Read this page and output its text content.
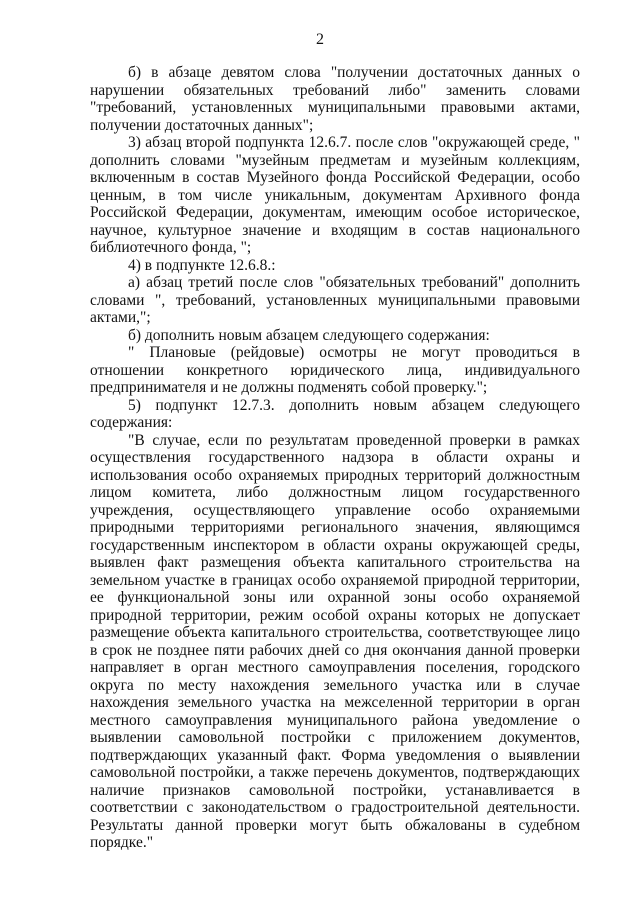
2

б) в абзаце девятом слова "получении достаточных данных о нарушении обязательных требований либо" заменить словами "требований, установленных муниципальными правовыми актами, получении достаточных данных";

3) абзац второй подпункта 12.6.7. после слов "окружающей среде, " дополнить словами "музейным предметам и музейным коллекциям, включенным в состав Музейного фонда Российской Федерации, особо ценным, в том числе уникальным, документам Архивного фонда Российской Федерации, документам, имеющим особое историческое, научное, культурное значение и входящим в состав национального библиотечного фонда, ";

4) в подпункте 12.6.8.:

а) абзац третий после слов "обязательных требований" дополнить словами ", требований, установленных муниципальными правовыми актами,";

б) дополнить новым абзацем следующего содержания:

" Плановые (рейдовые) осмотры не могут проводиться в отношении конкретного юридического лица, индивидуального предпринимателя и не должны подменять собой проверку.";

5) подпункт 12.7.3. дополнить новым абзацем следующего содержания:

"В случае, если по результатам проведенной проверки в рамках осуществления государственного надзора в области охраны и использования особо охраняемых природных территорий должностным лицом комитета, либо должностным лицом государственного учреждения, осуществляющего управление особо охраняемыми природными территориями регионального значения, являющимся государственным инспектором в области охраны окружающей среды, выявлен факт размещения объекта капитального строительства на земельном участке в границах особо охраняемой природной территории, ее функциональной зоны или охранной зоны особо охраняемой природной территории, режим особой охраны которых не допускает размещение объекта капитального строительства, соответствующее лицо в срок не позднее пяти рабочих дней со дня окончания данной проверки направляет в орган местного самоуправления поселения, городского округа по месту нахождения земельного участка или в случае нахождения земельного участка на межселенной территории в орган местного самоуправления муниципального района уведомление о выявлении самовольной постройки с приложением документов, подтверждающих указанный факт. Форма уведомления о выявлении самовольной постройки, а также перечень документов, подтверждающих наличие признаков самовольной постройки, устанавливается в соответствии с законодательством о градостроительной деятельности. Результаты данной проверки могут быть обжалованы в судебном порядке."
